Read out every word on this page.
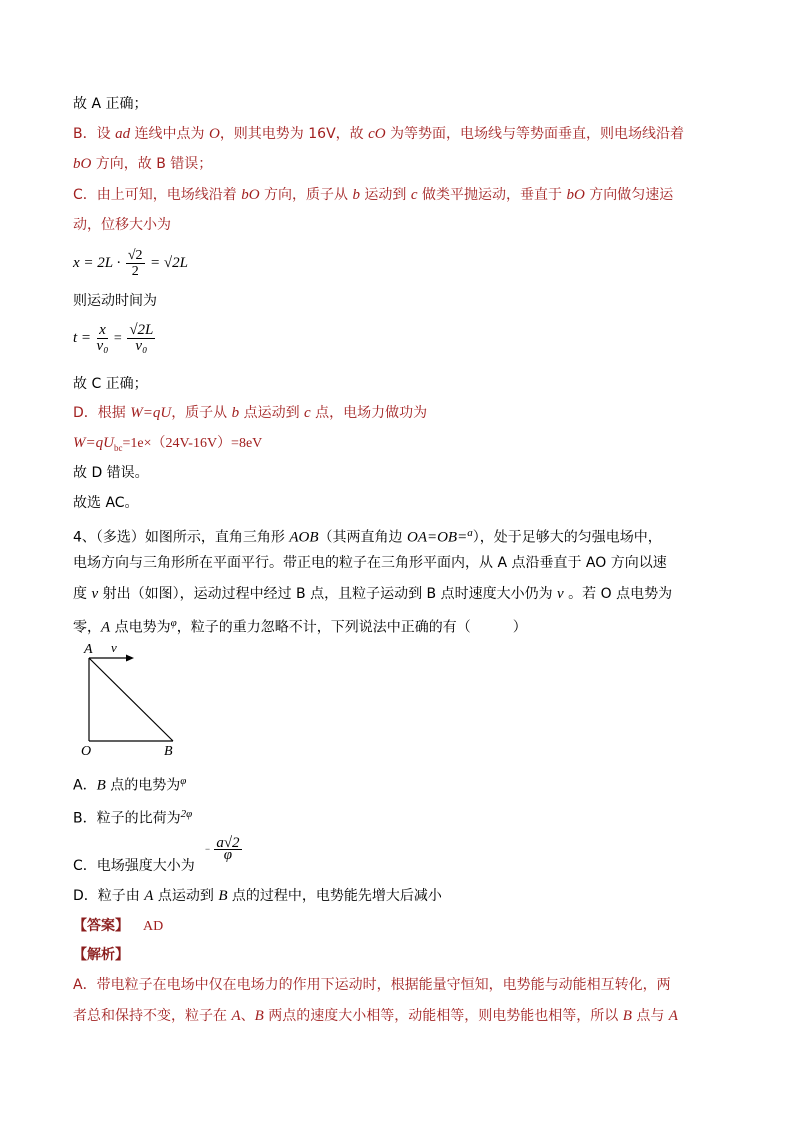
故 A 正确；
B．设 ad 连线中点为 O，则其电势为 16V，故 cO 为等势面，电场线与等势面垂直，则电场线沿着
bO 方向，故 B 错误；
C．由上可知，电场线沿着 bO 方向，质子从 b 运动到 c 做类平抛运动，垂直于 bO 方向做匀速运
动，位移大小为
$x = 2L \cdot \frac{√2}{2} = √2L$
则运动时间为
$t = \frac{x}{\text{v₀}} = \frac{√2L}{\text{v₀}}$
故 C 正确；
D．根据 W=qU，质子从 b 点运动到 c 点，电场力做功为
$W=qU_{bc}=1e\times(24V-16V)=8eV$
故 D 错误。
故选 AC。
4、（多选）如图所示，直角三角形 AOB（其两直角边 OA=OB=$^a$），处于足够大的匀强电场中，
电场方向与三角形所在平面平行。带正电的粒子在三角形平面内，从 A 点沿垂直于 AO 方向以速
度 v 射出（如图），运动过程中经过 B 点，且粒子运动到 B 点时速度大小仍为 v 。若 O 点电势为
零，A 点电势为$^\varphi$，粒子的重力忽略不计，下列说法中正确的有（　　　）
A v
O	B
A．B 点的电势为$^\varphi$
B．粒子的比荷为$^{2\varphi}$
C．电场强度大小为
− $\frac{a√2}{\varphi}$
D．粒子由 A 点运动到 B 点的过程中，电势能先增大后减小
【答案】 AD
【解析】
A．带电粒子在电场中仅在电场力的作用下运动时，根据能量守恒知，电势能与动能相互转化，两
者总和保持不变，粒子在 A、B 两点的速度大小相等，动能相等，则电势能也相等，所以 B 点与 A
